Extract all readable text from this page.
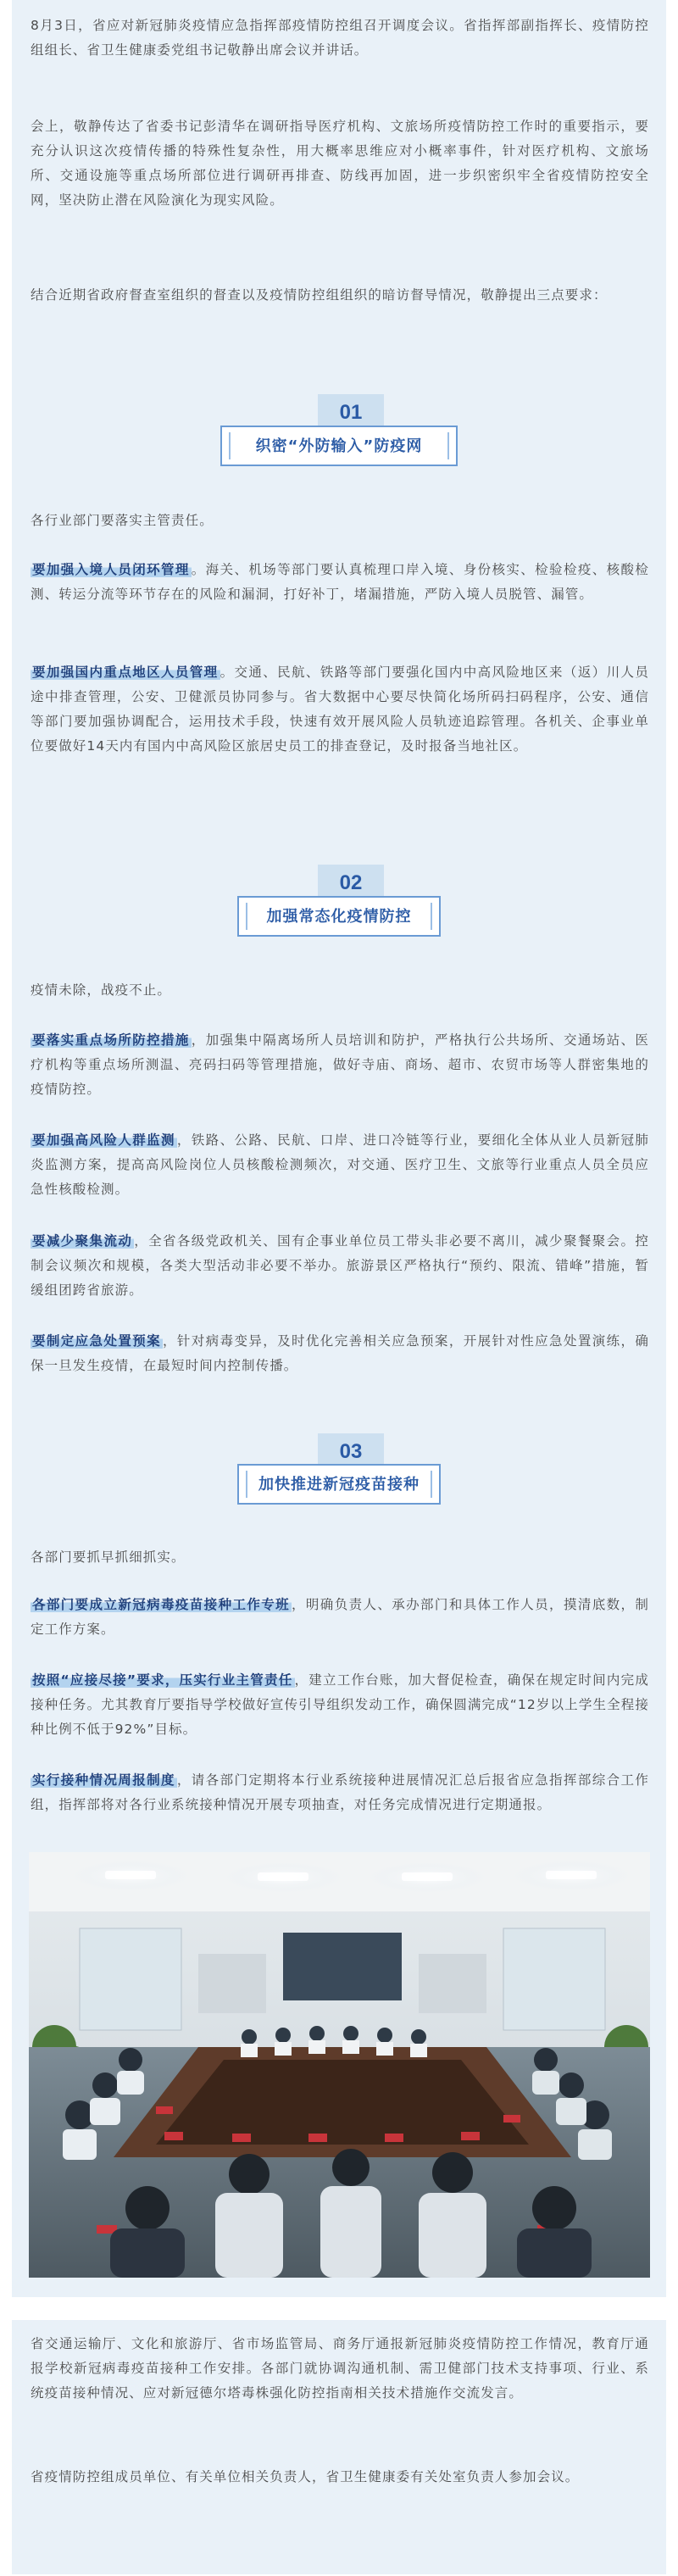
8月3日，省应对新冠肺炎疫情应急指挥部疫情防控组召开调度会议。省指挥部副指挥长、疫情防控组组长、省卫生健康委党组书记敬静出席会议并讲话。

会上，敬静传达了省委书记彭清华在调研指导医疗机构、文旅场所疫情防控工作时的重要指示，要充分认识这次疫情传播的特殊性复杂性，用大概率思维应对小概率事件，针对医疗机构、文旅场所、交通设施等重点场所部位进行调研再排查、防线再加固，进一步织密织牢全省疫情防控安全网，坚决防止潜在风险演化为现实风险。

结合近期省政府督查室组织的督查以及疫情防控组组织的暗访督导情况，敬静提出三点要求：

01
织密“外防输入”防疫网

各行业部门要落实主管责任。

要加强入境人员闭环管理 。海关、机场等部门要认真梳理口岸入境、身份核实、检验检疫、核酸检测、转运分流等环节存在的风险和漏洞，打好补丁，堵漏措施，严防入境人员脱管、漏管。

要加强国内重点地区人员管理 。交通、民航、铁路等部门要强化国内中高风险地区来（返）川人员途中排查管理，公安、卫健派员协同参与。省大数据中心要尽快简化场所码扫码程序，公安、通信等部门要加强协调配合，运用技术手段，快速有效开展风险人员轨迹追踪管理。各机关、企事业单位要做好14天内有国内中高风险区旅居史员工的排查登记，及时报备当地社区。

02
加强常态化疫情防控

疫情未除，战疫不止。

要落实重点场所防控措施 ，加强集中隔离场所人员培训和防护，严格执行公共场所、交通场站、医疗机构等重点场所测温、亮码扫码等管理措施，做好寺庙、商场、超市、农贸市场等人群密集地的疫情防控。

要加强高风险人群监测 ，铁路、公路、民航、口岸、进口冷链等行业，要细化全体从业人员新冠肺炎监测方案，提高高风险岗位人员核酸检测频次，对交通、医疗卫生、文旅等行业重点人员全员应急性核酸检测。

要减少聚集流动 ，全省各级党政机关、国有企事业单位员工带头非必要不离川，减少聚餐聚会。控制会议频次和规模，各类大型活动非必要不举办。旅游景区严格执行“预约、限流、错峰”措施，暂缓组团跨省旅游。

要制定应急处置预案 ，针对病毒变异，及时优化完善相关应急预案，开展针对性应急处置演练，确保一旦发生疫情，在最短时间内控制传播。

03
加快推进新冠疫苗接种

各部门要抓早抓细抓实。

各部门要成立新冠病毒疫苗接种工作专班 ，明确负责人、承办部门和具体工作人员，摸清底数，制定工作方案。

按照“应接尽接”要求，压实行业主管责任 ，建立工作台账，加大督促检查，确保在规定时间内完成接种任务。尤其教育厅要指导学校做好宣传引导组织发动工作，确保圆满完成“12岁以上学生全程接种比例不低于92%”目标。

实行接种情况周报制度 ，请各部门定期将本行业系统接种进展情况汇总后报省应急指挥部综合工作组，指挥部将对各行业系统接种情况开展专项抽查，对任务完成情况进行定期通报。

省交通运输厅、文化和旅游厅、省市场监管局、商务厅通报新冠肺炎疫情防控工作情况，教育厅通报学校新冠病毒疫苗接种工作安排。各部门就协调沟通机制、需卫健部门技术支持事项、行业、系统疫苗接种情况、应对新冠德尔塔毒株强化防控指南相关技术措施作交流发言。

省疫情防控组成员单位、有关单位相关负责人，省卫生健康委有关处室负责人参加会议。
